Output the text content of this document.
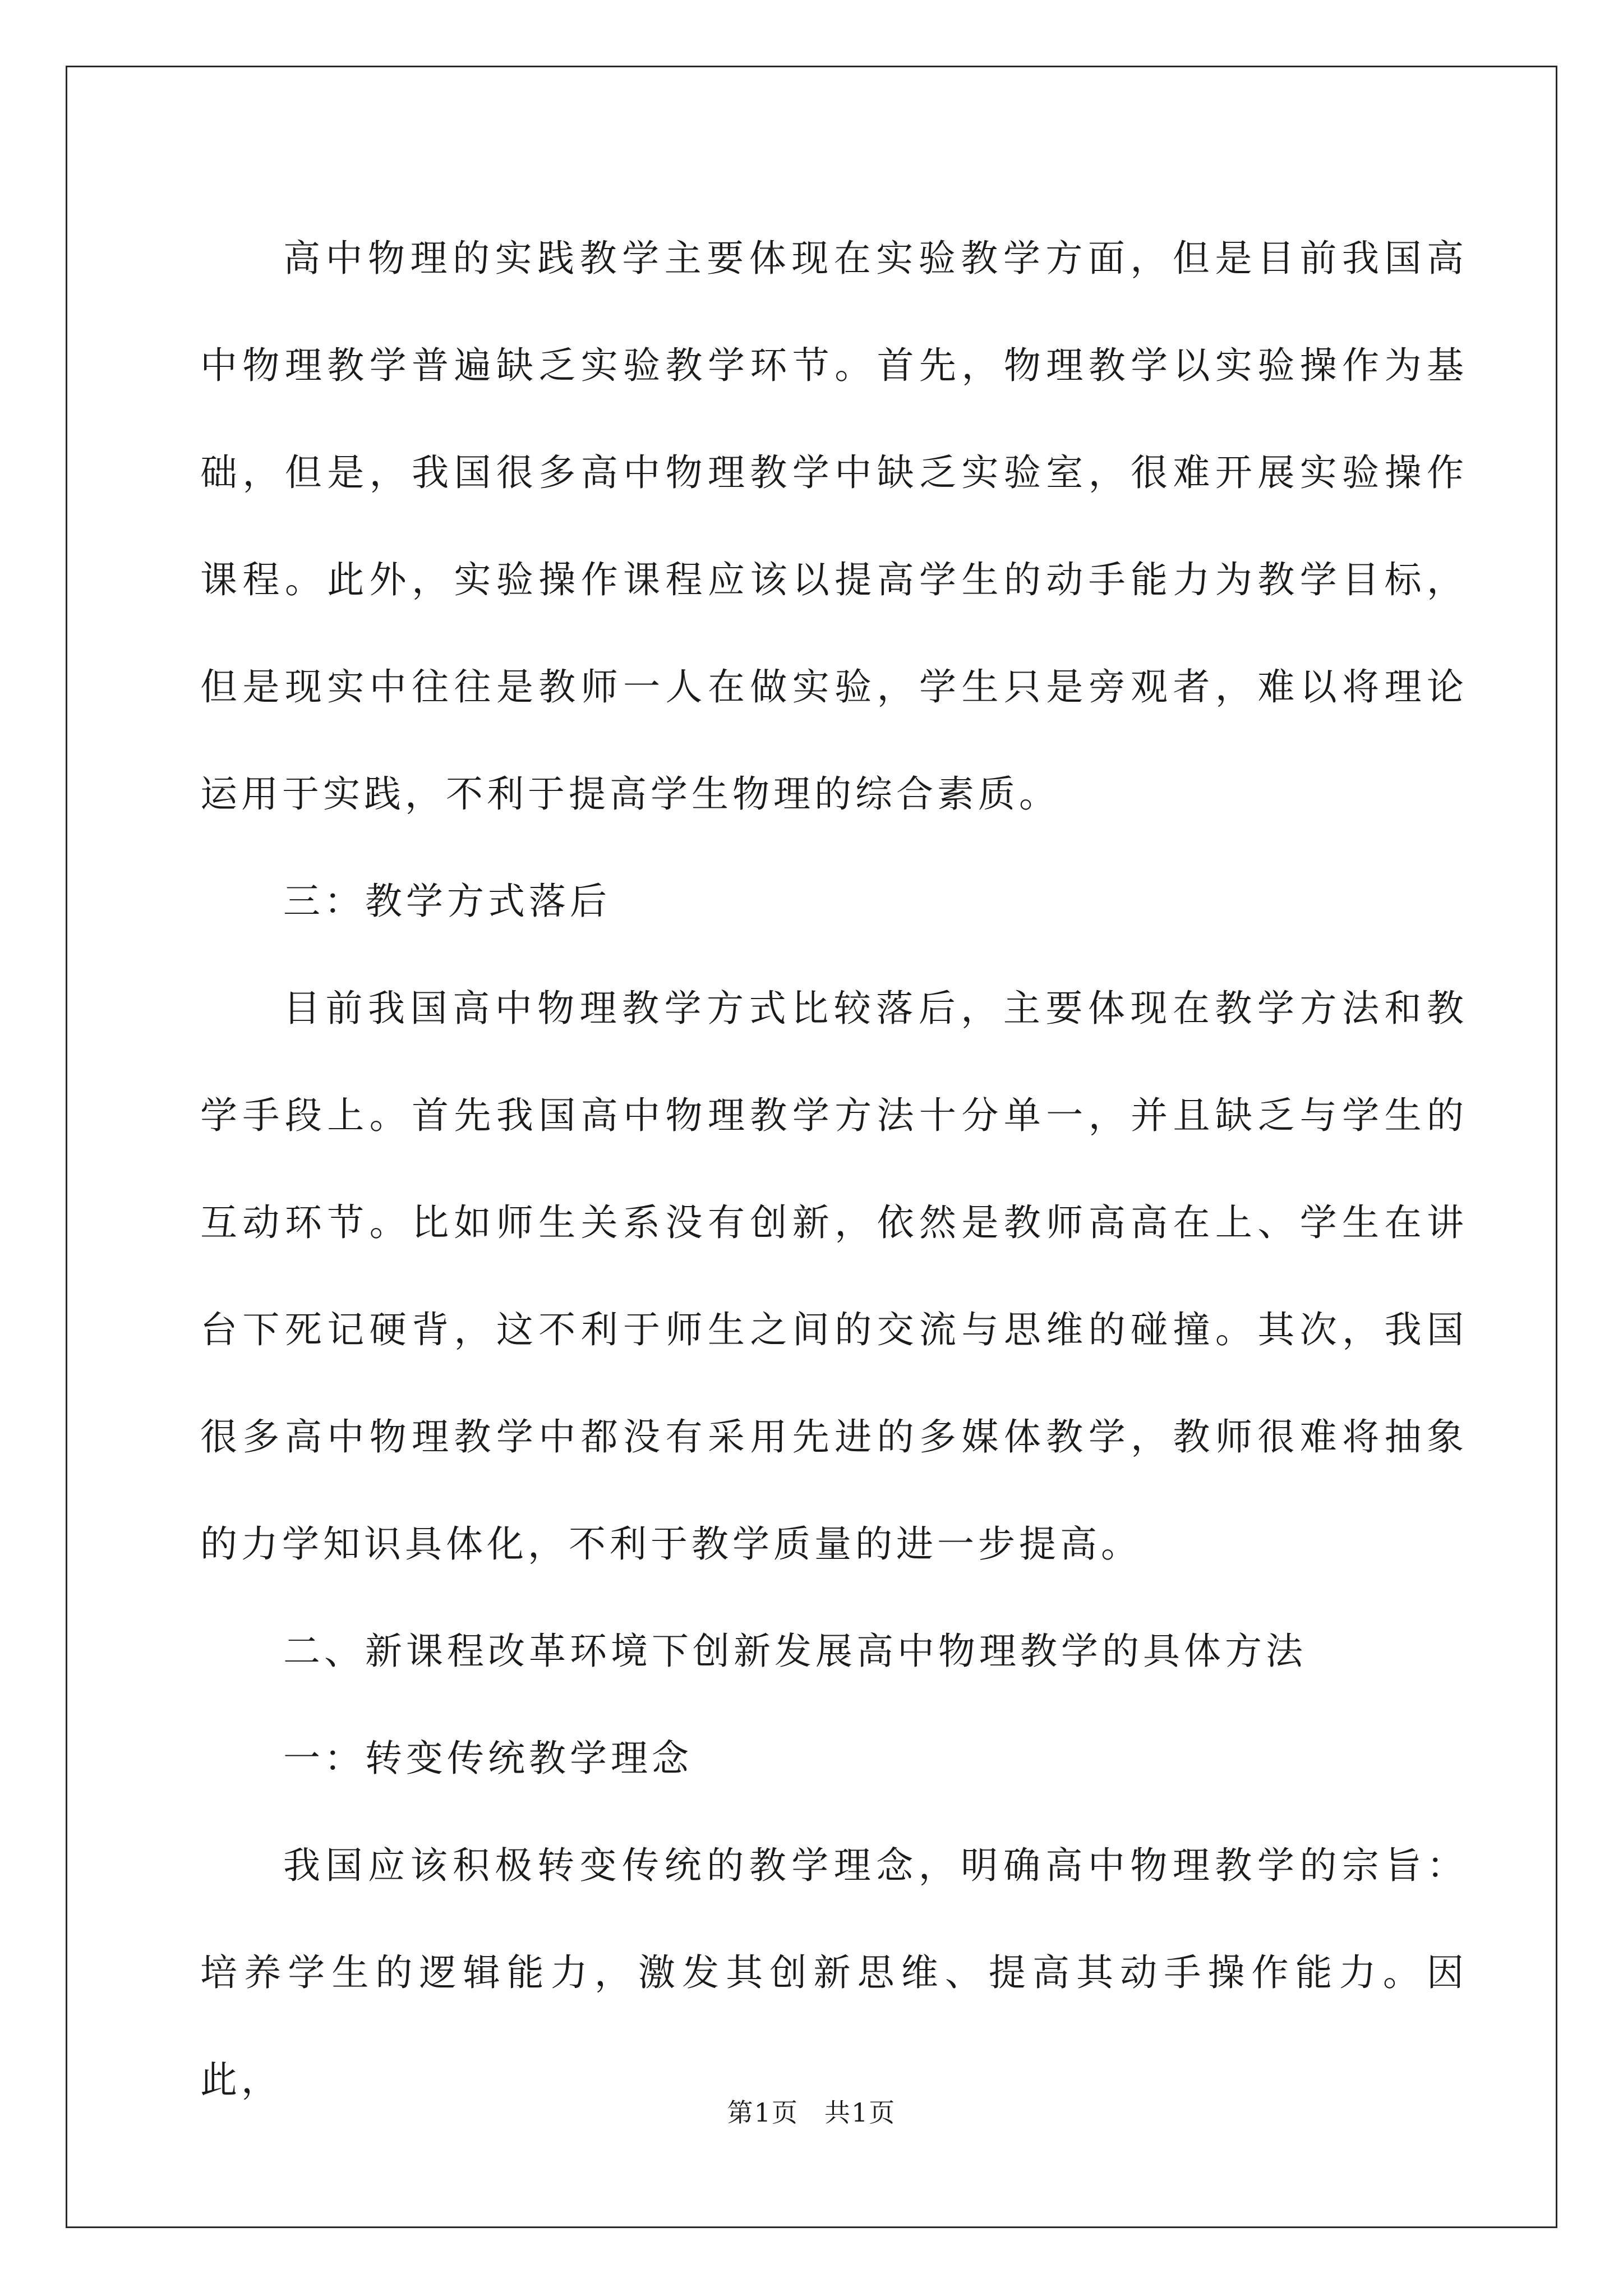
高中物理的实践教学主要体现在实验教学方面，但是目前我国高中物理教学普遍缺乏实验教学环节。首先，物理教学以实验操作为基础，但是，我国很多高中物理教学中缺乏实验室，很难开展实验操作课程。此外，实验操作课程应该以提高学生的动手能力为教学目标，但是现实中往往是教师一人在做实验，学生只是旁观者，难以将理论运用于实践，不利于提高学生物理的综合素质。

三：教学方式落后

目前我国高中物理教学方式比较落后，主要体现在教学方法和教学手段上。首先我国高中物理教学方法十分单一，并且缺乏与学生的互动环节。比如师生关系没有创新，依然是教师高高在上、学生在讲台下死记硬背，这不利于师生之间的交流与思维的碰撞。其次，我国很多高中物理教学中都没有采用先进的多媒体教学，教师很难将抽象的力学知识具体化，不利于教学质量的进一步提高。

二、新课程改革环境下创新发展高中物理教学的具体方法

一：转变传统教学理念

我国应该积极转变传统的教学理念，明确高中物理教学的宗旨：培养学生的逻辑能力，激发其创新思维、提高其动手操作能力。因此，

第1页 共1页
